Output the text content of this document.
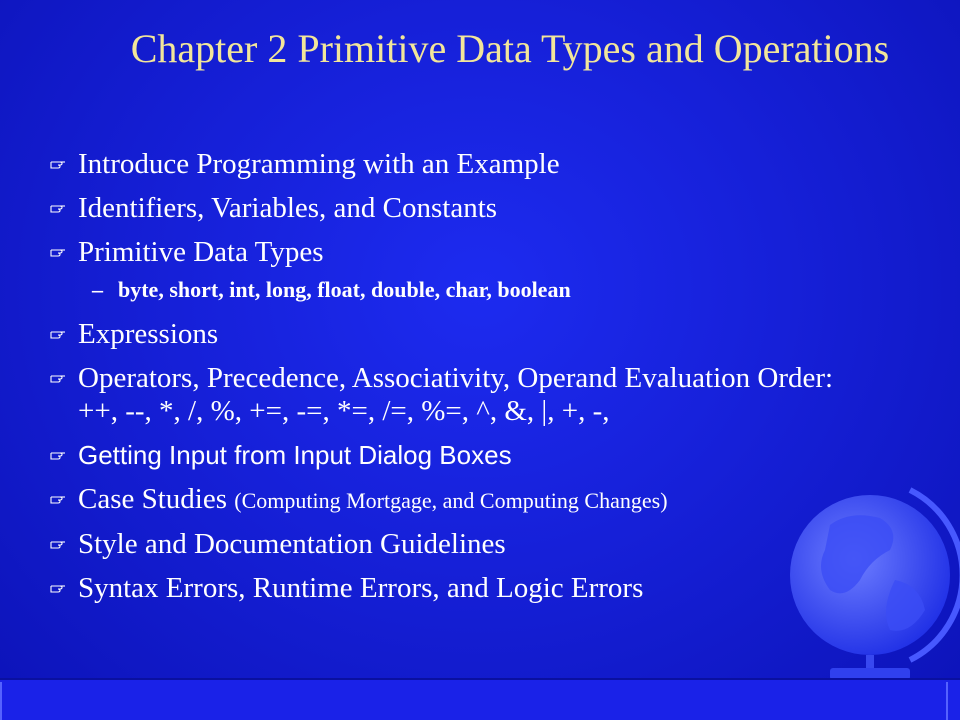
Chapter 2 Primitive Data Types and Operations
Introduce Programming with an Example
Identifiers, Variables, and Constants
Primitive Data Types
– byte, short, int, long, float, double, char, boolean
Expressions
Operators, Precedence, Associativity, Operand Evaluation Order: ++, --, *, /, %, +=, -=, *=, /=, %=, ^, &, |, +, -,
Getting Input from Input Dialog Boxes
Case Studies (Computing Mortgage, and Computing Changes)
Style and Documentation Guidelines
Syntax Errors, Runtime Errors, and Logic Errors
